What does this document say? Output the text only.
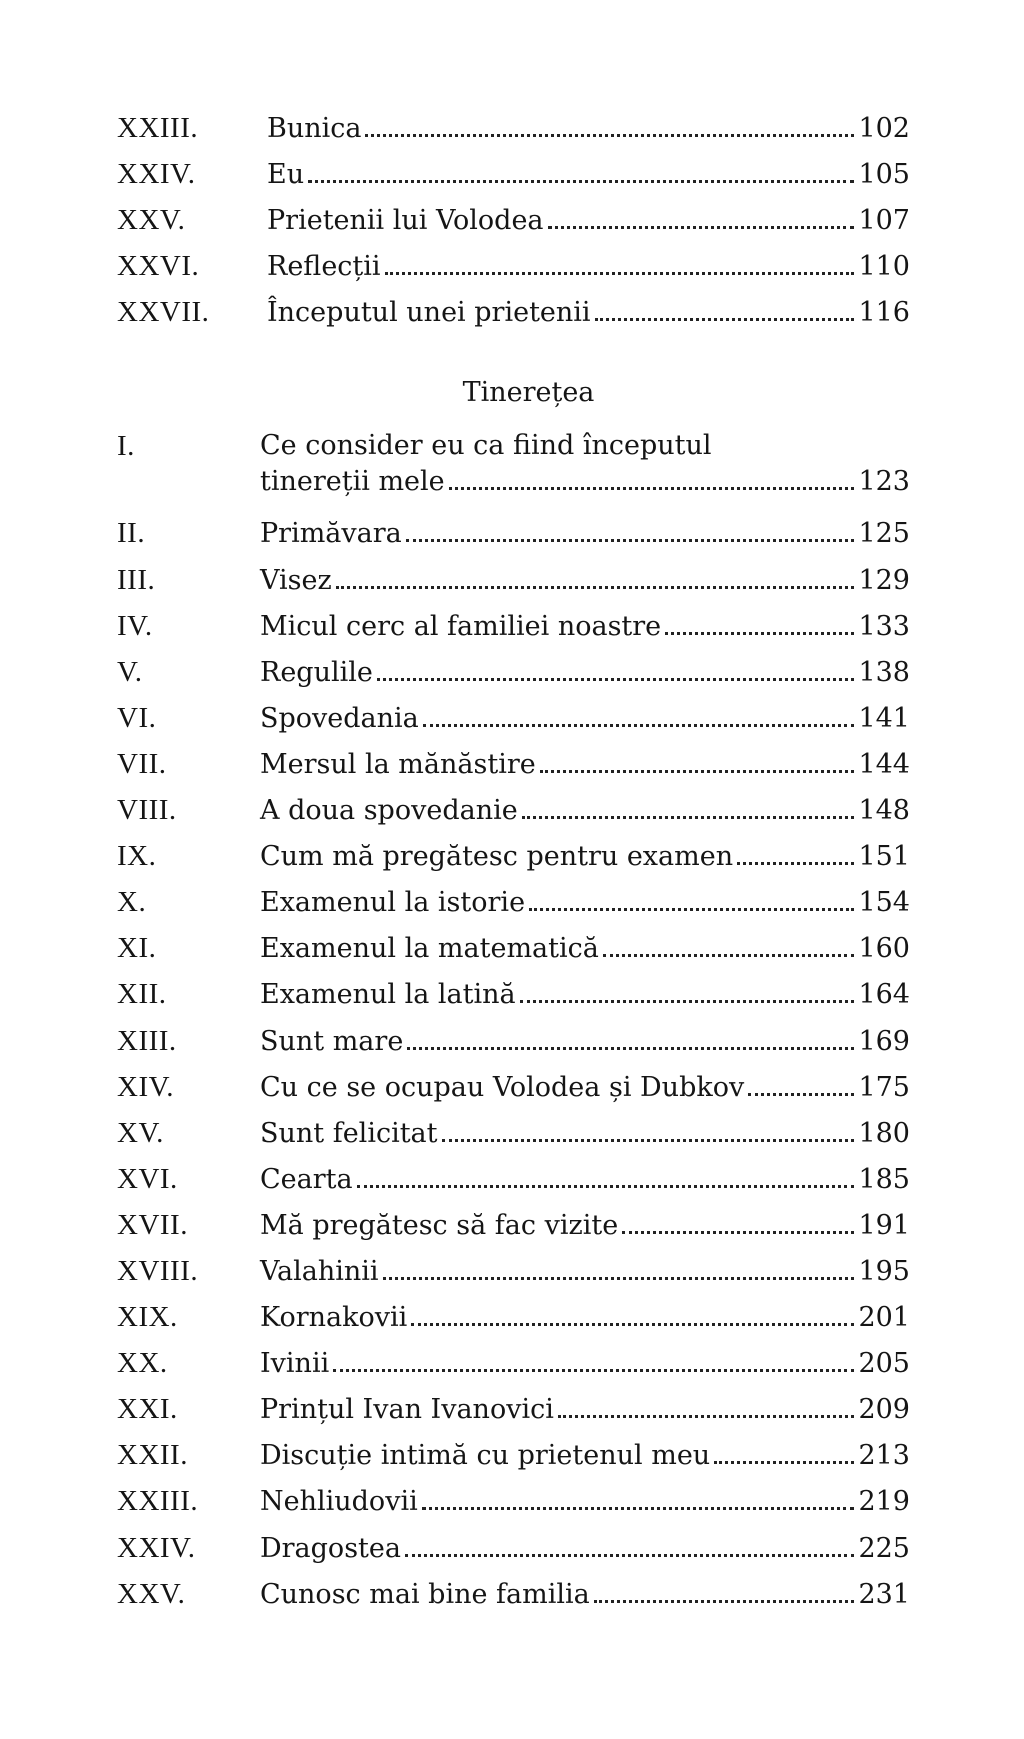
XXIII.	Bunica	102
XXIV.	Eu	105
XXV.	Prietenii lui Volodea	107
XXVI.	Reflecții	110
XXVII.	Începutul unei prietenii	116
Tinerețea
I.	Ce consider eu ca fiind începutul
tinereții mele	123
II.	Primăvara	125
III.	Visez	129
IV.	Micul cerc al familiei noastre	133
V.	Regulile	138
VI.	Spovedania	141
VII.	Mersul la mănăstire	144
VIII.	A doua spovedanie	148
IX.	Cum mă pregătesc pentru examen	151
X.	Examenul la istorie	154
XI.	Examenul la matematică	160
XII.	Examenul la latină	164
XIII.	Sunt mare	169
XIV.	Cu ce se ocupau Volodea și Dubkov	175
XV.	Sunt felicitat	180
XVI.	Cearta	185
XVII.	Mă pregătesc să fac vizite	191
XVIII.	Valahinii	195
XIX.	Kornakovii	201
XX.	Ivinii	205
XXI.	Prințul Ivan Ivanovici	209
XXII.	Discuție intimă cu prietenul meu	213
XXIII.	Nehliudovii	219
XXIV.	Dragostea	225
XXV.	Cunosc mai bine familia	231
